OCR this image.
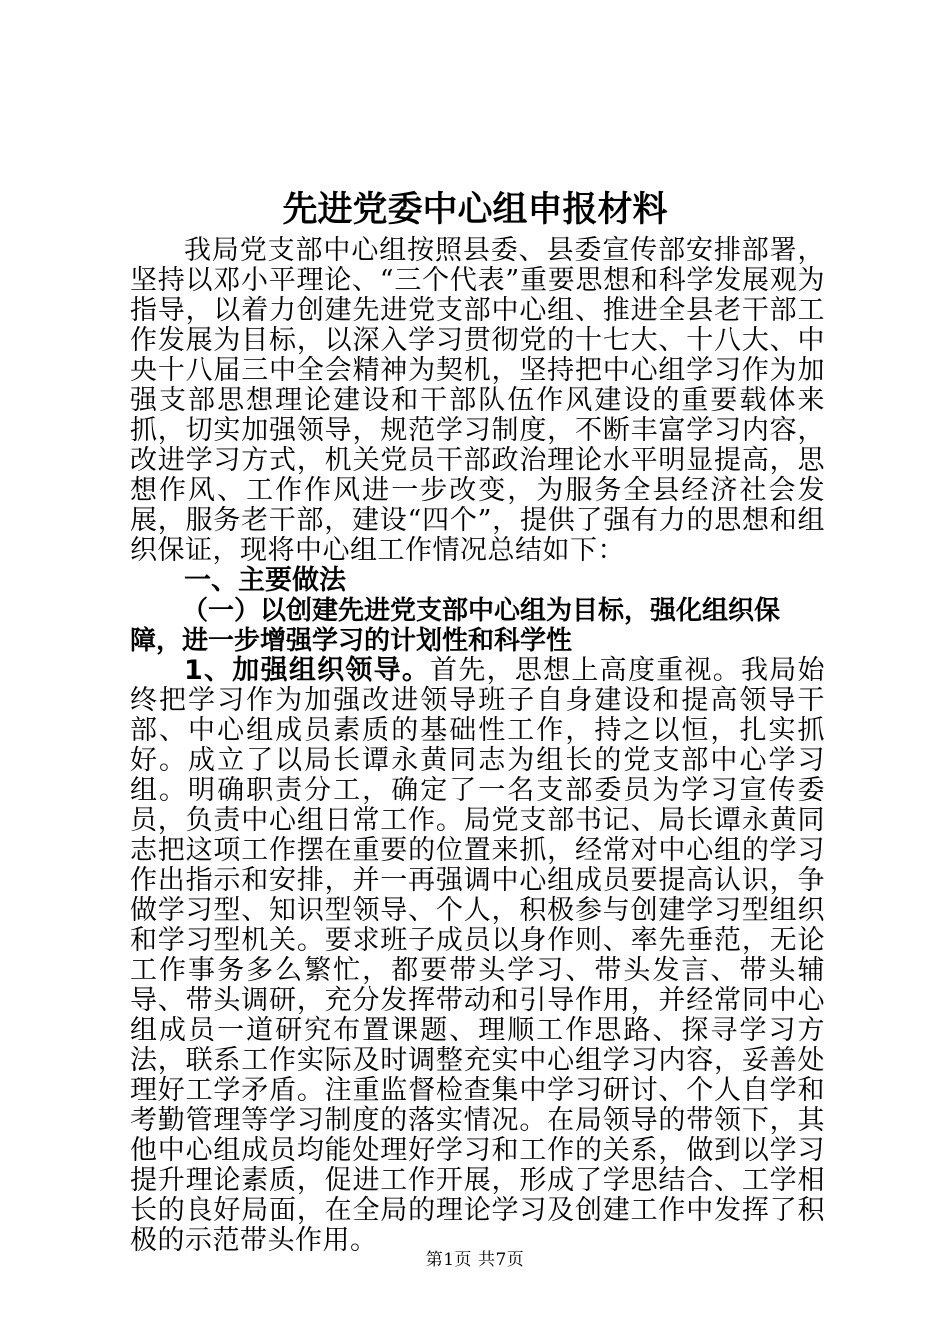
先进党委中心组申报材料

我局党支部中心组按照县委、县委宣传部安排部署，坚持以邓小平理论、“三个代表”重要思想和科学发展观为指导，以着力创建先进党支部中心组、推进全县老干部工作发展为目标，以深入学习贯彻党的十七大、十八大、中央十八届三中全会精神为契机，坚持把中心组学习作为加强支部思想理论建设和干部队伍作风建设的重要载体来抓，切实加强领导，规范学习制度，不断丰富学习内容，改进学习方式，机关党员干部政治理论水平明显提高，思想作风、工作作风进一步改变，为服务全县经济社会发展，服务老干部，建设“四个”，提供了强有力的思想和组织保证，现将中心组工作情况总结如下：

一、主要做法

（一）以创建先进党支部中心组为目标，强化组织保障，进一步增强学习的计划性和科学性

1、加强组织领导。首先，思想上高度重视。我局始终把学习作为加强改进领导班子自身建设和提高领导干部、中心组成员素质的基础性工作，持之以恒，扎实抓好。成立了以局长谭永黄同志为组长的党支部中心学习组。明确职责分工，确定了一名支部委员为学习宣传委员，负责中心组日常工作。局党支部书记、局长谭永黄同志把这项工作摆在重要的位置来抓，经常对中心组的学习作出指示和安排，并一再强调中心组成员要提高认识，争做学习型、知识型领导、个人，积极参与创建学习型组织和学习型机关。要求班子成员以身作则、率先垂范，无论工作事务多么繁忙，都要带头学习、带头发言、带头辅导、带头调研，充分发挥带动和引导作用，并经常同中心组成员一道研究布置课题、理顺工作思路、探寻学习方法，联系工作实际及时调整充实中心组学习内容，妥善处理好工学矛盾。注重监督检查集中学习研讨、个人自学和考勤管理等学习制度的落实情况。在局领导的带领下，其他中心组成员均能处理好学习和工作的关系，做到以学习提升理论素质，促进工作开展，形成了学思结合、工学相长的良好局面，在全局的理论学习及创建工作中发挥了积极的示范带头作用。

第1页 共7页
